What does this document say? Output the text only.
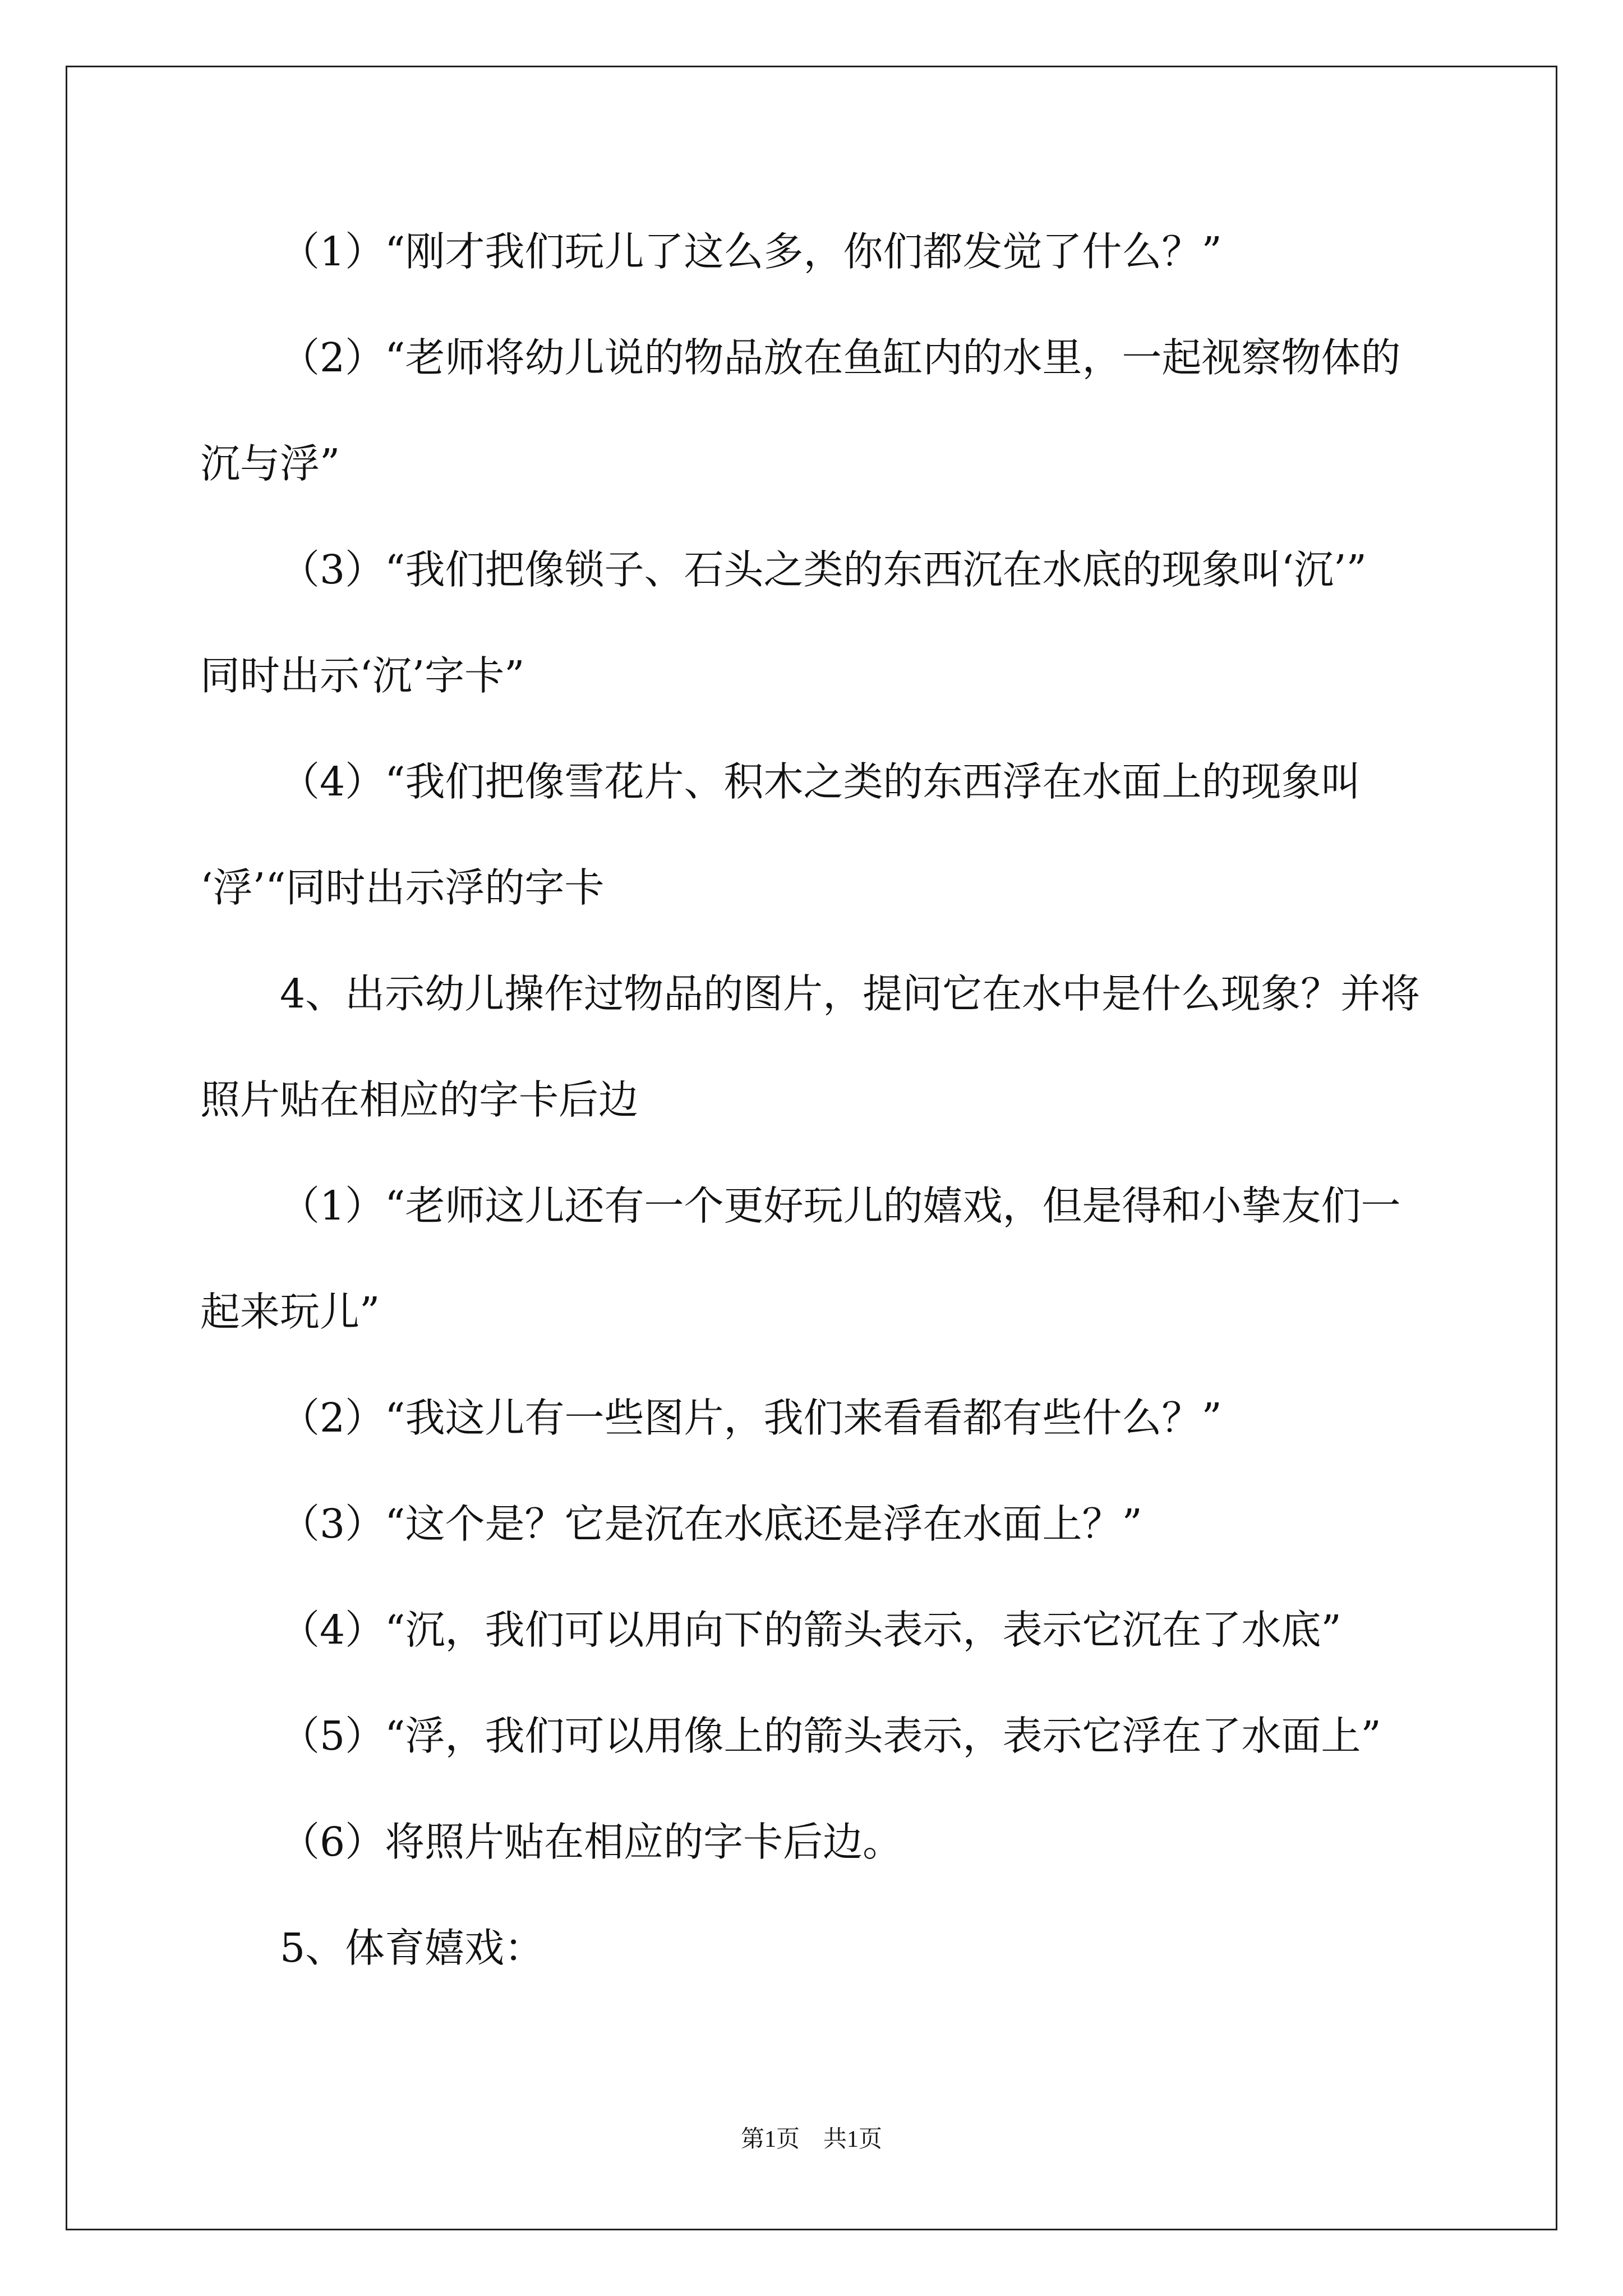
（1）“刚才我们玩儿了这么多，你们都发觉了什么？”
（2）“老师将幼儿说的物品放在鱼缸内的水里，一起视察物体的
沉与浮”
（3）“我们把像锁子、石头之类的东西沉在水底的现象叫‘沉’”
同时出示‘沉’字卡”
（4）“我们把像雪花片、积木之类的东西浮在水面上的现象叫
‘浮’“同时出示浮的字卡
4、出示幼儿操作过物品的图片，提问它在水中是什么现象？并将
照片贴在相应的字卡后边
（1）“老师这儿还有一个更好玩儿的嬉戏，但是得和小挚友们一
起来玩儿”
（2）“我这儿有一些图片，我们来看看都有些什么？”
（3）“这个是？它是沉在水底还是浮在水面上？”
（4）“沉，我们可以用向下的箭头表示，表示它沉在了水底”
（5）“浮，我们可以用像上的箭头表示，表示它浮在了水面上”
（6）将照片贴在相应的字卡后边。
5、体育嬉戏：
第1页　共1页
